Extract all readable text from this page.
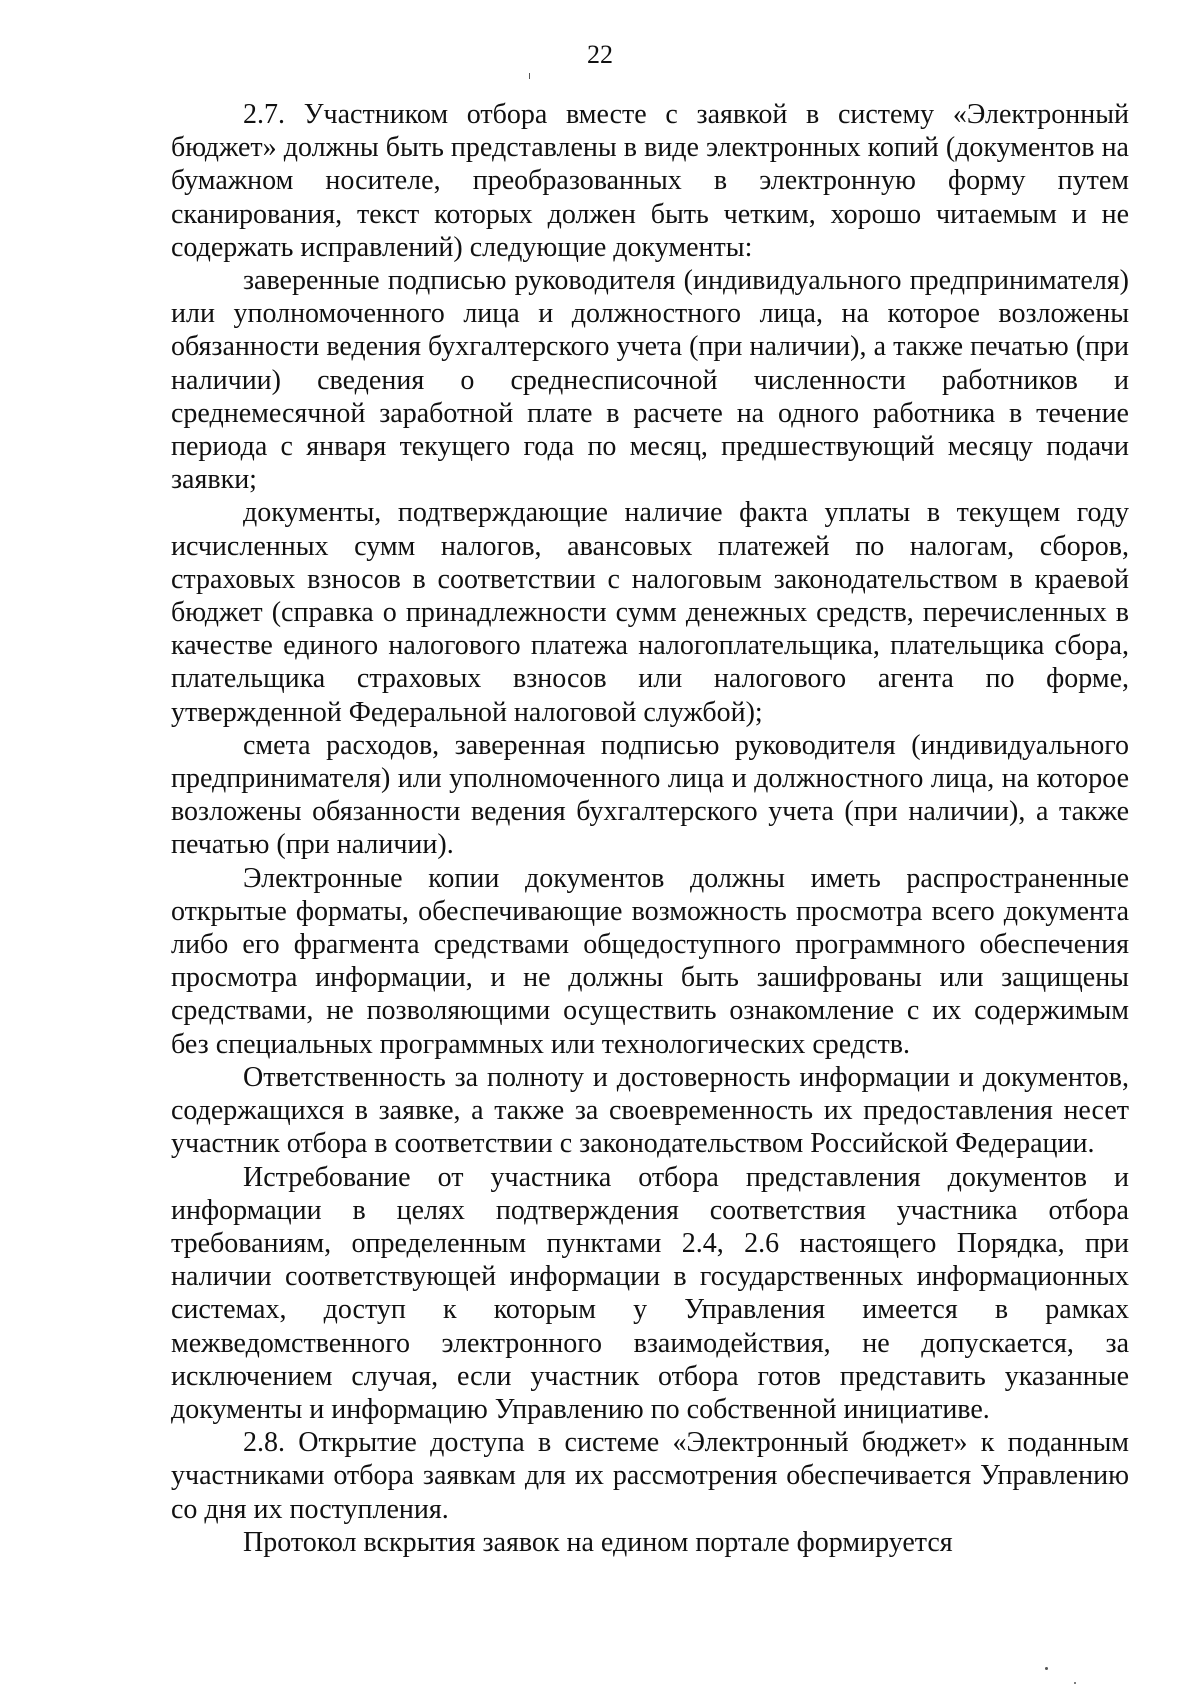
22

2.7. Участником отбора вместе с заявкой в систему «Электронный бюджет» должны быть представлены в виде электронных копий (документов на бумажном носителе, преобразованных в электронную форму путем сканирования, текст которых должен быть четким, хорошо читаемым и не содержать исправлений) следующие документы:

заверенные подписью руководителя (индивидуального предпринимателя) или уполномоченного лица и должностного лица, на которое возложены обязанности ведения бухгалтерского учета (при наличии), а также печатью (при наличии) сведения о среднесписочной численности работников и среднемесячной заработной плате в расчете на одного работника в течение периода с января текущего года по месяц, предшествующий месяцу подачи заявки;

документы, подтверждающие наличие факта уплаты в текущем году исчисленных сумм налогов, авансовых платежей по налогам, сборов, страховых взносов в соответствии с налоговым законодательством в краевой бюджет (справка о принадлежности сумм денежных средств, перечисленных в качестве единого налогового платежа налогоплательщика, плательщика сбора, плательщика страховых взносов или налогового агента по форме, утвержденной Федеральной налоговой службой);

смета расходов, заверенная подписью руководителя (индивидуального предпринимателя) или уполномоченного лица и должностного лица, на которое возложены обязанности ведения бухгалтерского учета (при наличии), а также печатью (при наличии).

Электронные копии документов должны иметь распространенные открытые форматы, обеспечивающие возможность просмотра всего документа либо его фрагмента средствами общедоступного программного обеспечения просмотра информации, и не должны быть зашифрованы или защищены средствами, не позволяющими осуществить ознакомление с их содержимым без специальных программных или технологических средств.

Ответственность за полноту и достоверность информации и документов, содержащихся в заявке, а также за своевременность их предоставления несет участник отбора в соответствии с законодательством Российской Федерации.

Истребование от участника отбора представления документов и информации в целях подтверждения соответствия участника отбора требованиям, определенным пунктами 2.4, 2.6 настоящего Порядка, при наличии соответствующей информации в государственных информационных системах, доступ к которым у Управления имеется в рамках межведомственного электронного взаимодействия, не допускается, за исключением случая, если участник отбора готов представить указанные документы и информацию Управлению по собственной инициативе.

2.8. Открытие доступа в системе «Электронный бюджет» к поданным участниками отбора заявкам для их рассмотрения обеспечивается Управлению со дня их поступления.

Протокол вскрытия заявок на едином портале формируется
